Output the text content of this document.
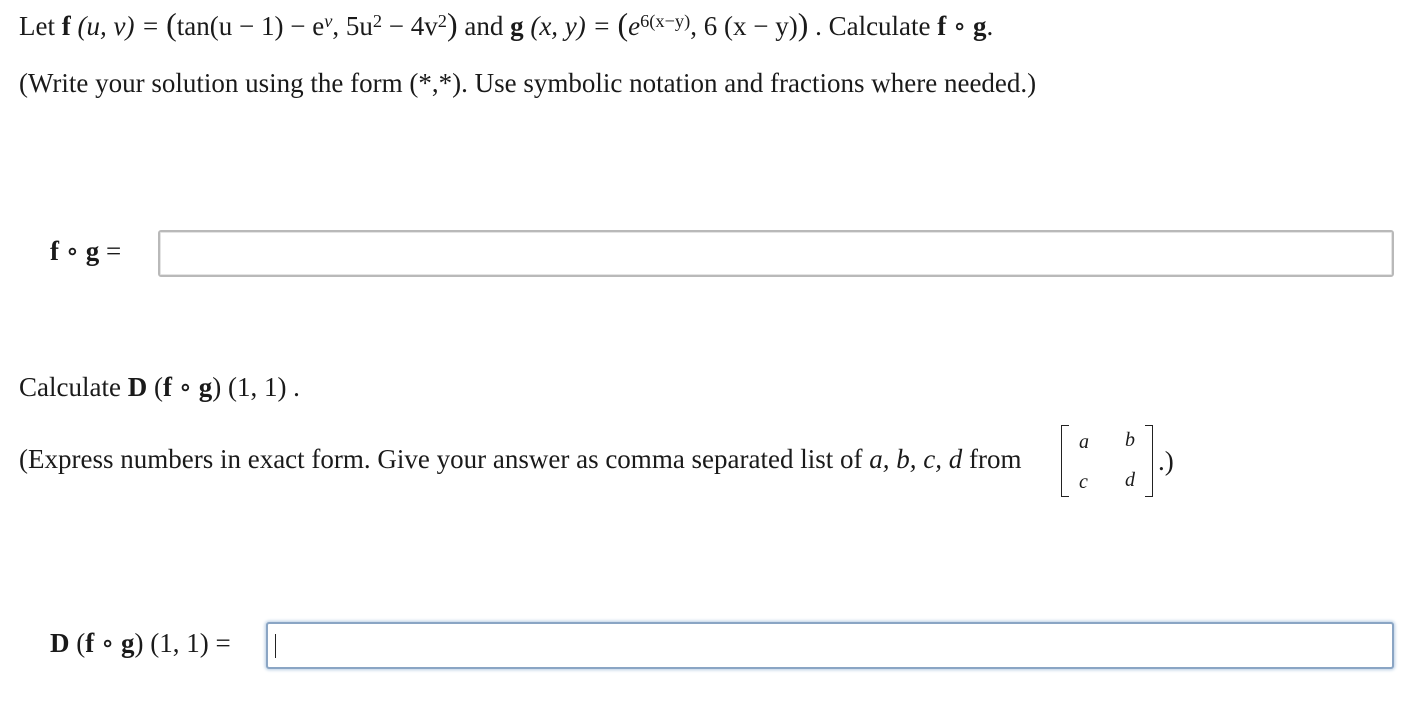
Let f (u, $v) = (\tan(u - 1) - e^v$, $5u^2 - 4v^2$) and g (x, $y) = (e^{6(x-y)}$, 6 (x − y)) . Calculate f ∘ g.
(Write your solution using the form (*,*). Use symbolic notation and fractions where needed.)
f ∘ g =
Calculate D (f ∘ g) (1, 1) .
(Express numbers in exact form. Give your answer as comma separated list of a, b, c, d from
a b
c d
.)
D (f ∘ g) (1, 1) =
